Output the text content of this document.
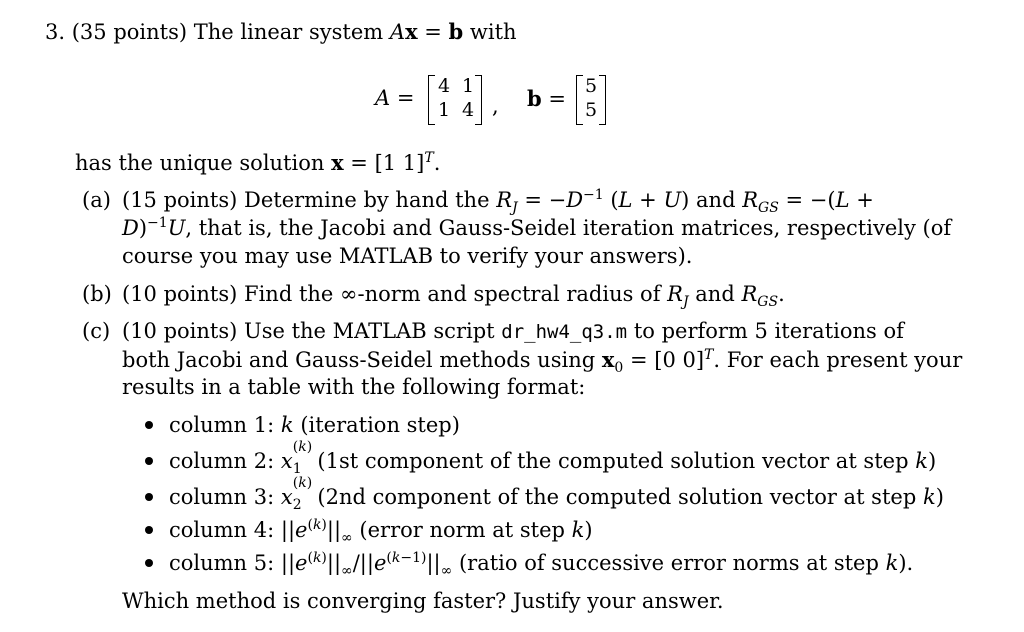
3. (35 points) The linear system Ax = b with
A = 4 1
1 4 , b =
5
5
has the unique solution x = [1 1]$^T$.
(a) (15 points) Determine by hand the $R_J = -D^{-1}$ (L + U) and $R_{GS} = -(L$ +
D)$^{-1}$U, that is, the Jacobi and Gauss-Seidel iteration matrices, respectively (of
course you may use MATLAB to verify your answers).
(b) (10 points) Find the ∞-norm and spectral radius of $R_J$ and $R_{GS}$.
(c) (10 points) Use the MATLAB script dr_hw4_q3.m to perform 5 iterations of
both Jacobi and Gauss-Seidel methods using $x_0 = [0$ 0]$^T$. For each present your
results in a table with the following format:
column 1: k (iteration step)
column 2: x
(k)
1 (1st component of the computed solution vector at step k)
column 3: x
(k)
2 (2nd component of the computed solution vector at step k)
column 4: $||e^{(k)}||_\infty$ (error norm at step k)
column 5: $||e^{(k)}||_\infty/||e^{(k-1)}||_\infty$ (ratio of successive error norms at step k).
Which method is converging faster? Justify your answer.
